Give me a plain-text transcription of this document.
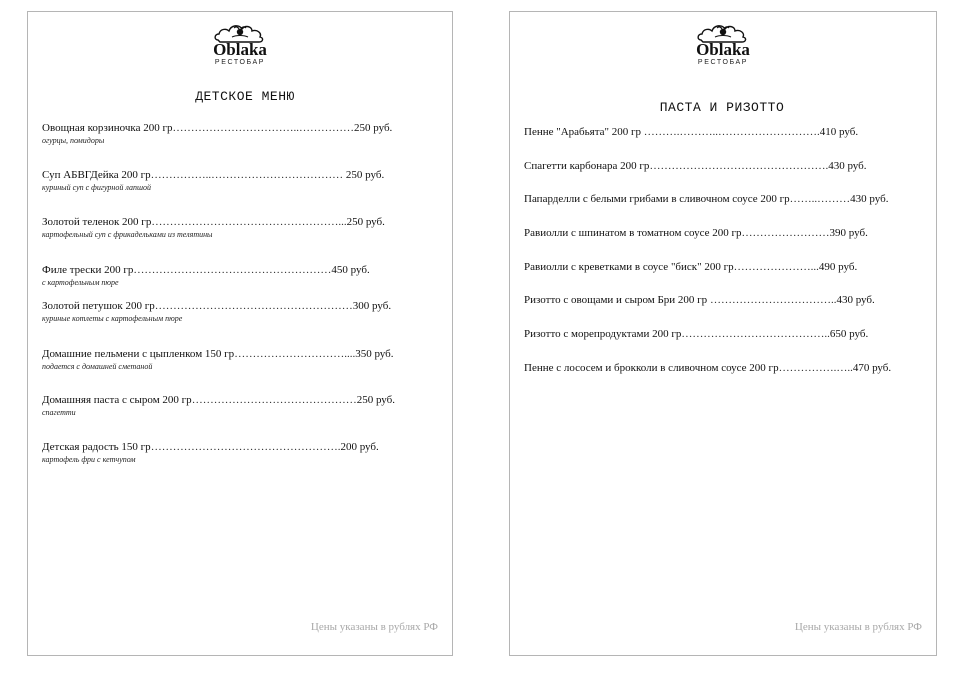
Oblaka
РЕСТОБАР
ДЕТСКОЕ МЕНЮ
Овощная корзиночка 200 гр……………………………..……………250 руб.
огурцы, помидоры
Суп АБВГДейка 200 гр……………..……………………………… 250 руб.
куриный суп с фигурной лапшой
Золотой теленок 200 гр……………………………………………...250 руб.
картофельный суп с фрикадельками из телятины
Филе трески 200 гр………………………………………………450 руб.
с картофельным пюре
Золотой петушок 200 гр………………………………………………300 руб.
куриные котлеты с картофельным пюре
Домашние пельмени с цыпленком 150 гр…………………………....350 руб.
подается с домашней сметаной
Домашняя паста с сыром 200 гр………………………………………250 руб.
спагетти
Детская радость 150 гр…………………………………………….200 руб.
картофель фри с кетчупом
Цены указаны в рублях РФ
Oblaka
РЕСТОБАР
ПАСТА И РИЗОТТО
Пенне "Арабьята" 200 гр ……….………..……………………….410 руб.
Спагетти карбонара 200 гр………………………………………….430 руб.
Папарделли с белыми грибами в сливочном соусе 200 гр……..………430 руб.
Равиолли с шпинатом в томатном соусе 200 гр……………………390 руб.
Равиолли с креветками в соусе "биск" 200 гр…………………...490 руб.
Ризотто с овощами и сыром Бри 200 гр ……………………………..430 руб.
Ризотто с морепродуктами 200 гр…………………………………..650 руб.
Пенне с лососем и брокколи в сливочном соусе 200 гр…………….…..470 руб.
Цены указаны в рублях РФ
